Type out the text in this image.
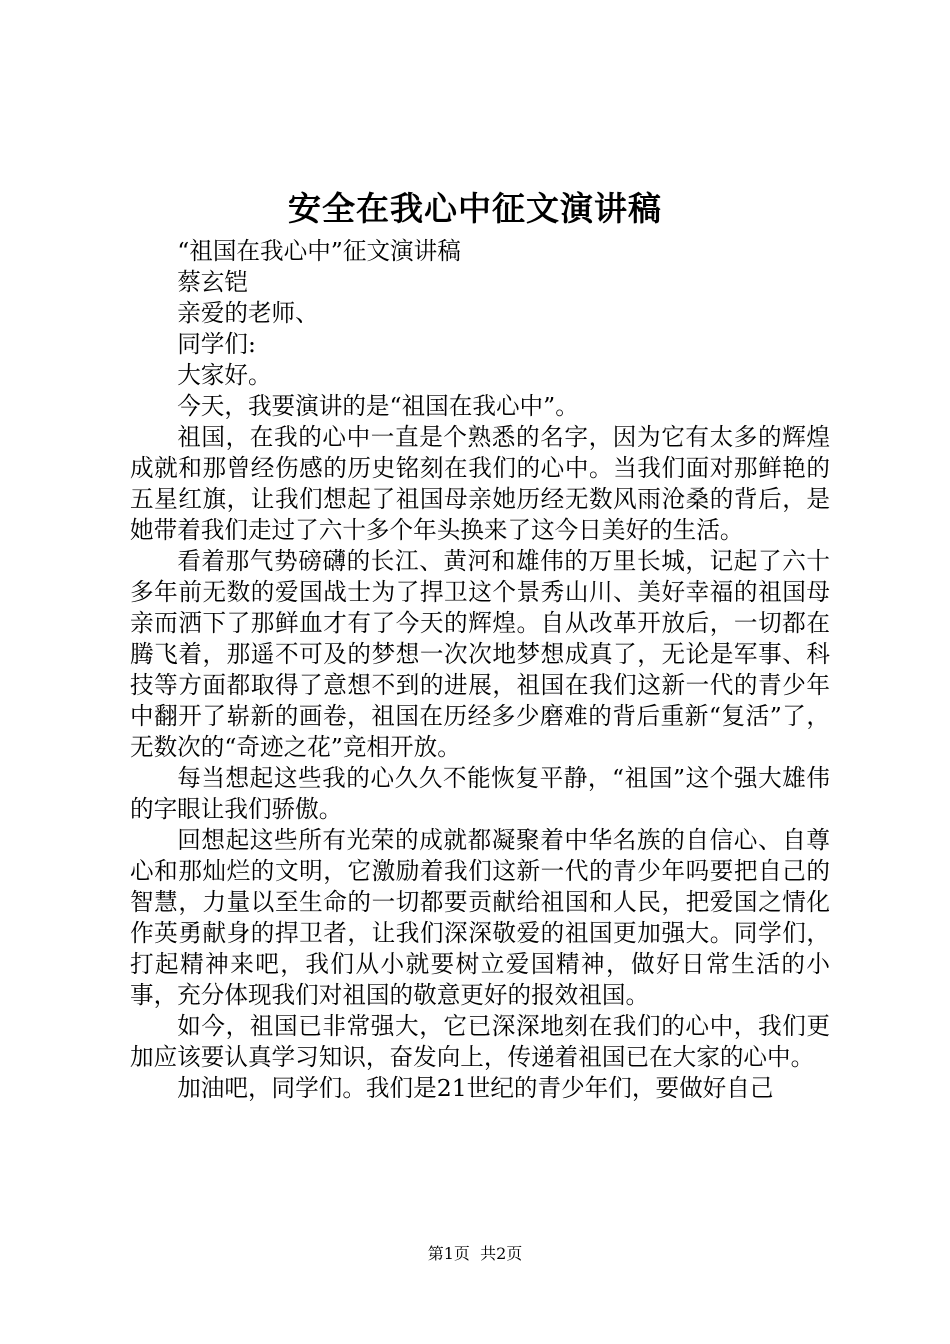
安全在我心中征文演讲稿

“祖国在我心中”征文演讲稿

蔡玄铠

亲爱的老师、

同学们:

大家好。

今天，我要演讲的是“祖国在我心中”。

祖国，在我的心中一直是个熟悉的名字，因为它有太多的辉煌成就和那曾经伤感的历史铭刻在我们的心中。当我们面对那鲜艳的五星红旗，让我们想起了祖国母亲她历经无数风雨沧桑的背后，是她带着我们走过了六十多个年头换来了这今日美好的生活。

看着那气势磅礴的长江、黄河和雄伟的万里长城，记起了六十多年前无数的爱国战士为了捍卫这个景秀山川、美好幸福的祖国母亲而洒下了那鲜血才有了今天的辉煌。自从改革开放后，一切都在腾飞着，那遥不可及的梦想一次次地梦想成真了，无论是军事、科技等方面都取得了意想不到的进展，祖国在我们这新一代的青少年中翻开了崭新的画卷，祖国在历经多少磨难的背后重新“复活”了，无数次的“奇迹之花”竞相开放。

每当想起这些我的心久久不能恢复平静，“祖国”这个强大雄伟的字眼让我们骄傲。

回想起这些所有光荣的成就都凝聚着中华名族的自信心、自尊心和那灿烂的文明，它激励着我们这新一代的青少年吗要把自己的智慧，力量以至生命的一切都要贡献给祖国和人民，把爱国之情化作英勇献身的捍卫者，让我们深深敬爱的祖国更加强大。同学们，打起精神来吧，我们从小就要树立爱国精神，做好日常生活的小事，充分体现我们对祖国的敬意更好的报效祖国。

如今，祖国已非常强大，它已深深地刻在我们的心中，我们更加应该要认真学习知识，奋发向上，传递着祖国已在大家的心中。

加油吧，同学们。我们是21世纪的青少年们，要做好自己

第1页  共2页
